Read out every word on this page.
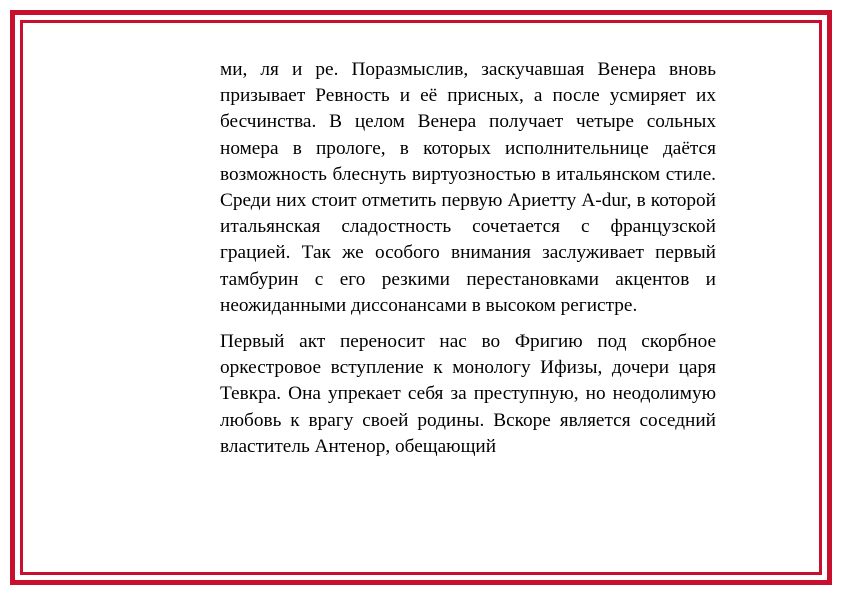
ми, ля и ре. Поразмыслив, заскучавшая Венера вновь призывает Ревность и её присных, а после усмиряет их бесчинства. В целом Венера получает четыре сольных номера в прологе, в которых исполнительнице даётся возможность блеснуть виртуозностью в итальянском стиле. Среди них стоит отметить первую Ариетту A-dur, в которой итальянская сладостность сочетается с французской грацией. Так же особого внимания заслуживает первый тамбурин с его резкими перестановками акцентов и неожиданными диссонансами в высоком регистре.

Первый акт переносит нас во Фригию под скорбное оркестровое вступление к монологу Ифизы, дочери царя Тевкра. Она упрекает себя за преступную, но неодолимую любовь к врагу своей родины. Вскоре является соседний властитель Антенор, обещающий
